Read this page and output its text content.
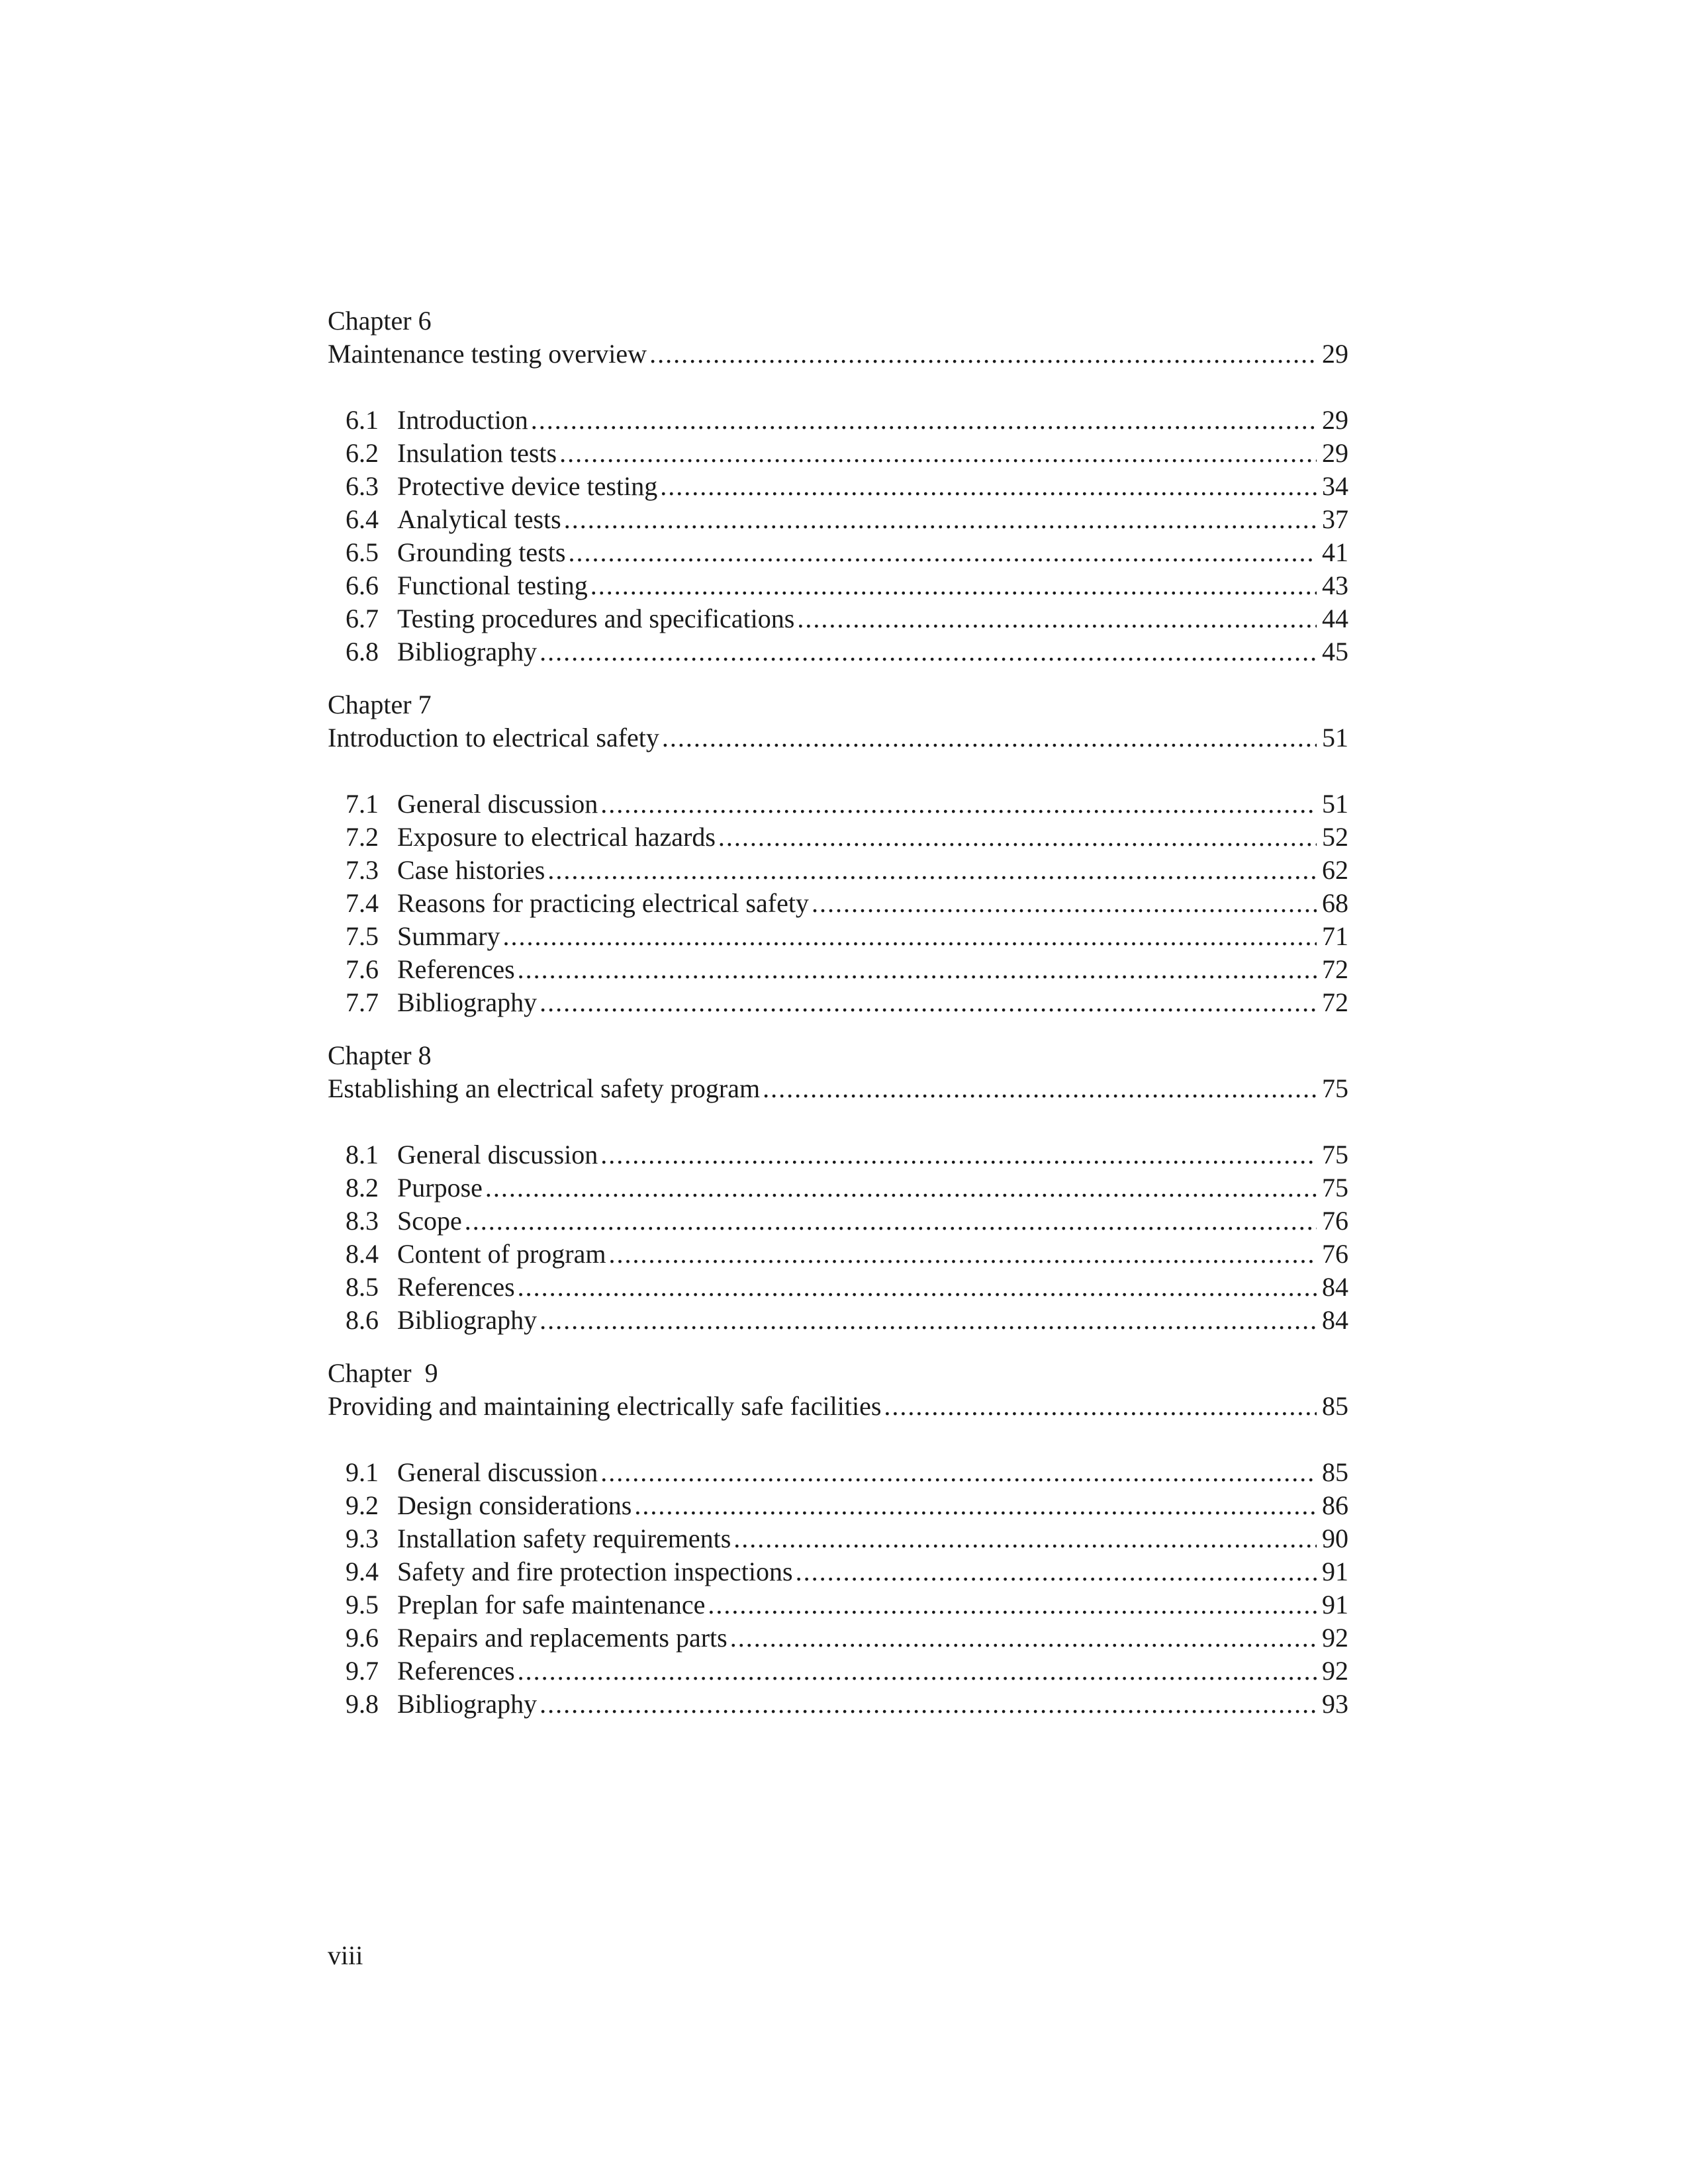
Chapter 6
Maintenance testing overview . . .	29
6.1 Introduction . . .	29
6.2 Insulation tests . . .	29
6.3 Protective device testing . . .	34
6.4 Analytical tests . . .	37
6.5 Grounding tests . . .	41
6.6 Functional testing . . .	43
6.7 Testing procedures and specifications . . .	44
6.8 Bibliography . . .	45
Chapter 7
Introduction to electrical safety . . .	51
7.1 General discussion . . .	51
7.2 Exposure to electrical hazards . . .	52
7.3 Case histories . . .	62
7.4 Reasons for practicing electrical safety . . .	68
7.5 Summary . . .	71
7.6 References . . .	72
7.7 Bibliography . . .	72
Chapter 8
Establishing an electrical safety program . . .	75
8.1 General discussion . . .	75
8.2 Purpose . . .	75
8.3 Scope . . .	76
8.4 Content of program . . .	76
8.5 References . . .	84
8.6 Bibliography . . .	84
Chapter  9
Providing and maintaining electrically safe facilities . . .	85
9.1 General discussion . . .	85
9.2 Design considerations . . .	86
9.3 Installation safety requirements . . .	90
9.4 Safety and fire protection inspections . . .	91
9.5 Preplan for safe maintenance . . .	91
9.6 Repairs and replacements parts . . .	92
9.7 References . . .	92
9.8 Bibliography . . .	93
viii
